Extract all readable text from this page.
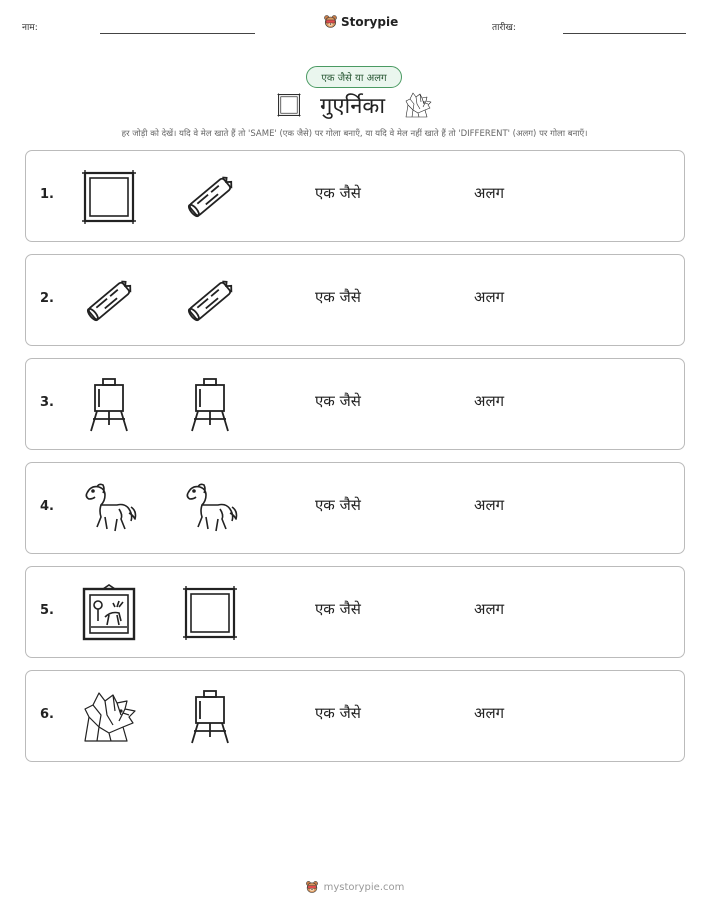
नाम:	Storypie	तारीख:
एक जैसे या अलग
गुएर्निका
हर जोड़ी को देखें। यदि वे मेल खाते हैं तो 'SAME' (एक जैसे) पर गोला बनाएँ, या यदि वे मेल नहीं खाते हैं तो 'DIFFERENT' (अलग) पर गोला बनाएँ।
1.	एक जैसे	अलग
2.	एक जैसे	अलग
3.	एक जैसे	अलग
4.	एक जैसे	अलग
5.	एक जैसे	अलग
6.	एक जैसे	अलग
mystorypie.com
